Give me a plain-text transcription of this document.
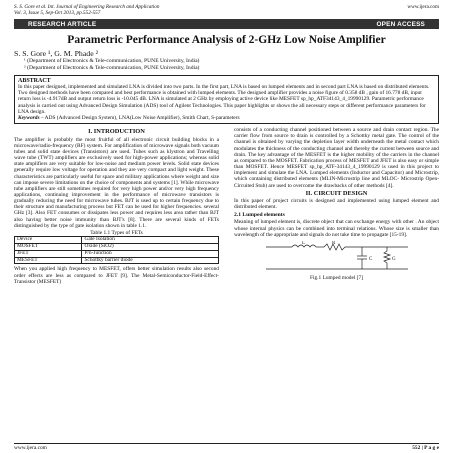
S. S. Gore et al. Int. Journal of Engineering Research and Application
Vol. 3, Issue 5, Sep-Oct 2013, pp.552-557
www.ijera.com
RESEARCH ARTICLE	OPEN ACCESS
Parametric Performance Analysis of 2-GHz Low Noise Amplifier
S. S. Gore ¹, G. M. Phade ²
¹ (Department of Electronics & Tele-communication, PUNE University, India)
² (Department of Electronics & Tele-communication, PUNE University, India)
ABSTRACT
In this paper designed, implemented and simulated LNA is divided into two parts. In the first part, LNA is based on lumped elements and in second part LNA is based on distributed elements. Two designed methods have been compared and best performance is obtained with lumped elements. The designed amplifier provides a noise figure of 0.358 dB , gain of 16.778 dB, input return loss is -4.917dB and output return loss is -10.045 dB. LNA is simulated at 2 GHz by employing active device like MESFET sp_hp_ATF34143_4_19990129. Parametric performance analysis is carried out using Advanced Design Simulation (ADS) tool of Agilent Technologies. This paper highlights or shows the all necessary steps or different performance parameters for LNA design.
Keywords – ADS (Advanced Design System), LNA(Low Noise Amplifier), Smith Chart, S-parameters
I. INTRODUCTION
The amplifier is probably the most fruitful of all electronic circuit building blocks in a microwave/radio-frequency (RF) system. For amplification of microwave signals both vacuum tubes and solid state devices (Transistors) are used. Tubes such as klystron and Travelling wave tube (TWT) amplifiers are exclusively used for high-power applications; whereas solid state amplifiers are very suitable for low-noise and medium power levels. Solid state devices generally require low voltage for operation and they are very compact and light weight. These characteristics are particularly useful for space and military applications where weight and size can impose severe limitations on the choice of components and systems [1]. While microwave tube amplifiers are still sometimes required for very high power and/or very high frequency applications, continuing improvement in the performance of microwave transistors is gradually reducing the need for microwave tubes. BJT is used up to certain frequency due to their structure and manufacturing process but FET can be used for higher frequencies. several GHz [3]. Also FET consumes or dissipates less power and requires less area rather than BJT also having better noise immunity than BJT's [8]. There are several kinds of FETs distinguished by the type of gate isolation shown in table 1.1.
Table 1.1 Types of FETs
Device	Gate Isolation
MOSFET	Oxide (SiO2)
JFET	P/n-Junction
MESFET	Schottky barrier diode
When you applied high frequency to MESFET, offers better simulation results also second order effects are less as compared to JFET [9]. The Metal-Semiconductor-Field-Effect-Transistor (MESFET)
consists of a conducting channel positioned between a source and drain contact region. The carrier flow from source to drain is controlled by a Schottky metal gate. The control of the channel is obtained by varying the depletion layer width underneath the metal contact which modulates the thickness of the conducting channel and thereby the current between source and drain. The key advantage of the MESFET is the higher mobility of the carriers in the channel as compared to the MOSFET. Fabrication process of MESFET and JFET is also easy or simple than MOSFET. Hence MESFET sp_hp_ATF-34143_4_19990129 is used in this project to implement and simulate the LNA. Lumped elements (Inductor and Capacitor) and Microstrip, which containing distributed elements (MLIN-Microstrip line and MLOC- Microstrip Open-Circuited Stub) are used to overcome the drawbacks of other methods [4].
II. CIRCUIT DESIGN
In this paper of project circuits is designed and implemented using lumped element and distributed element.
2.1 Lumped elements
Meaning of lumped element is, discrete object that can exchange energy with other . An object whose internal physics can be combined into terminal relations. Whose size is smaller than wavelength of the appropriate and signals do not take time to propagate [15-19].
L
C
R
G
Fig.1 Lumped model [7]
www.ijera.com	552 | P a g e
